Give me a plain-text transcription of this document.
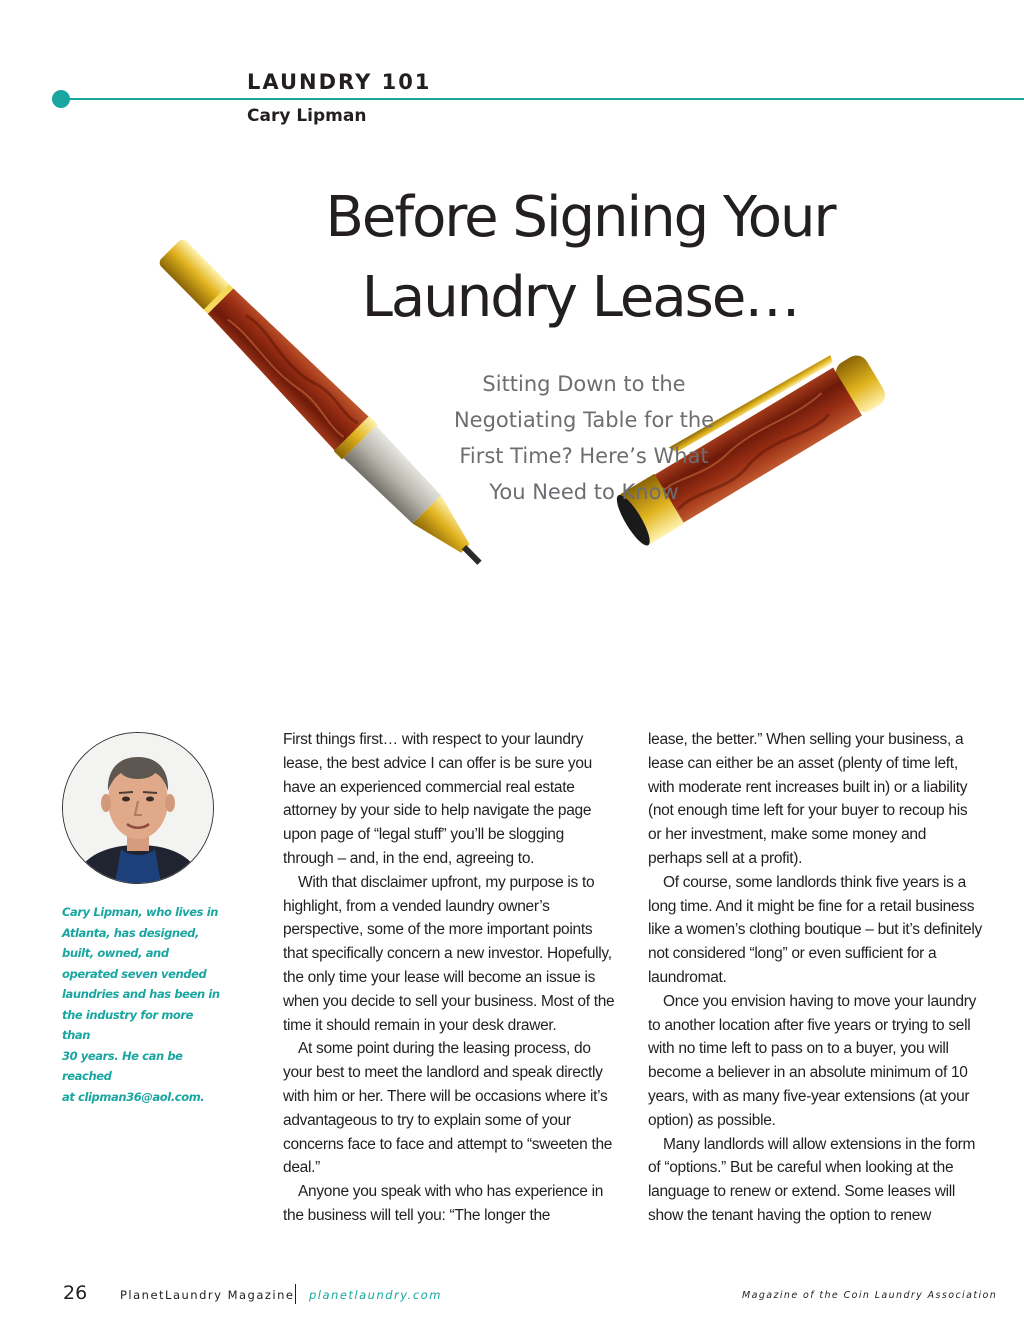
LAUNDRY 101
Cary Lipman
Before Signing Your
Laundry Lease…
Sitting Down to the
Negotiating Table for the
First Time? Here’s What
You Need to Know
Cary Lipman, who lives in
Atlanta, has designed,
built, owned, and
operated seven vended
laundries and has been in
the industry for more than
30 years. He can be reached
at clipman36@aol.com.

First things first… with respect to your laundry lease, the best advice I can offer is be sure you have an experienced commercial real estate attorney by your side to help navigate the page upon page of “legal stuff” you’ll be slogging through – and, in the end, agreeing to.

With that disclaimer upfront, my purpose is to highlight, from a vended laundry owner’s perspective, some of the more important points that specifically concern a new investor. Hopefully, the only time your lease will become an issue is when you decide to sell your business. Most of the time it should remain in your desk drawer.

At some point during the leasing process, do your best to meet the landlord and speak directly with him or her. There will be occasions where it’s advantageous to try to explain some of your concerns face to face and attempt to “sweeten the deal.”

Anyone you speak with who has experience in the business will tell you: “The longer the

lease, the better.” When selling your business, a lease can either be an asset (plenty of time left, with moderate rent increases built in) or a liability (not enough time left for your buyer to recoup his or her investment, make some money and perhaps sell at a profit).

Of course, some landlords think five years is a long time. And it might be fine for a retail business like a women’s clothing boutique – but it’s definitely not considered “long” or even sufficient for a laundromat.

Once you envision having to move your laundry to another location after five years or trying to sell with no time left to pass on to a buyer, you will become a believer in an absolute minimum of 10 years, with as many five-year extensions (at your option) as possible.

Many landlords will allow extensions in the form of “options.” But be careful when looking at the language to renew or extend. Some leases will show the tenant having the option to renew

26	PlanetLaundry Magazine planetlaundry.com	Magazine of the Coin Laundry Association
